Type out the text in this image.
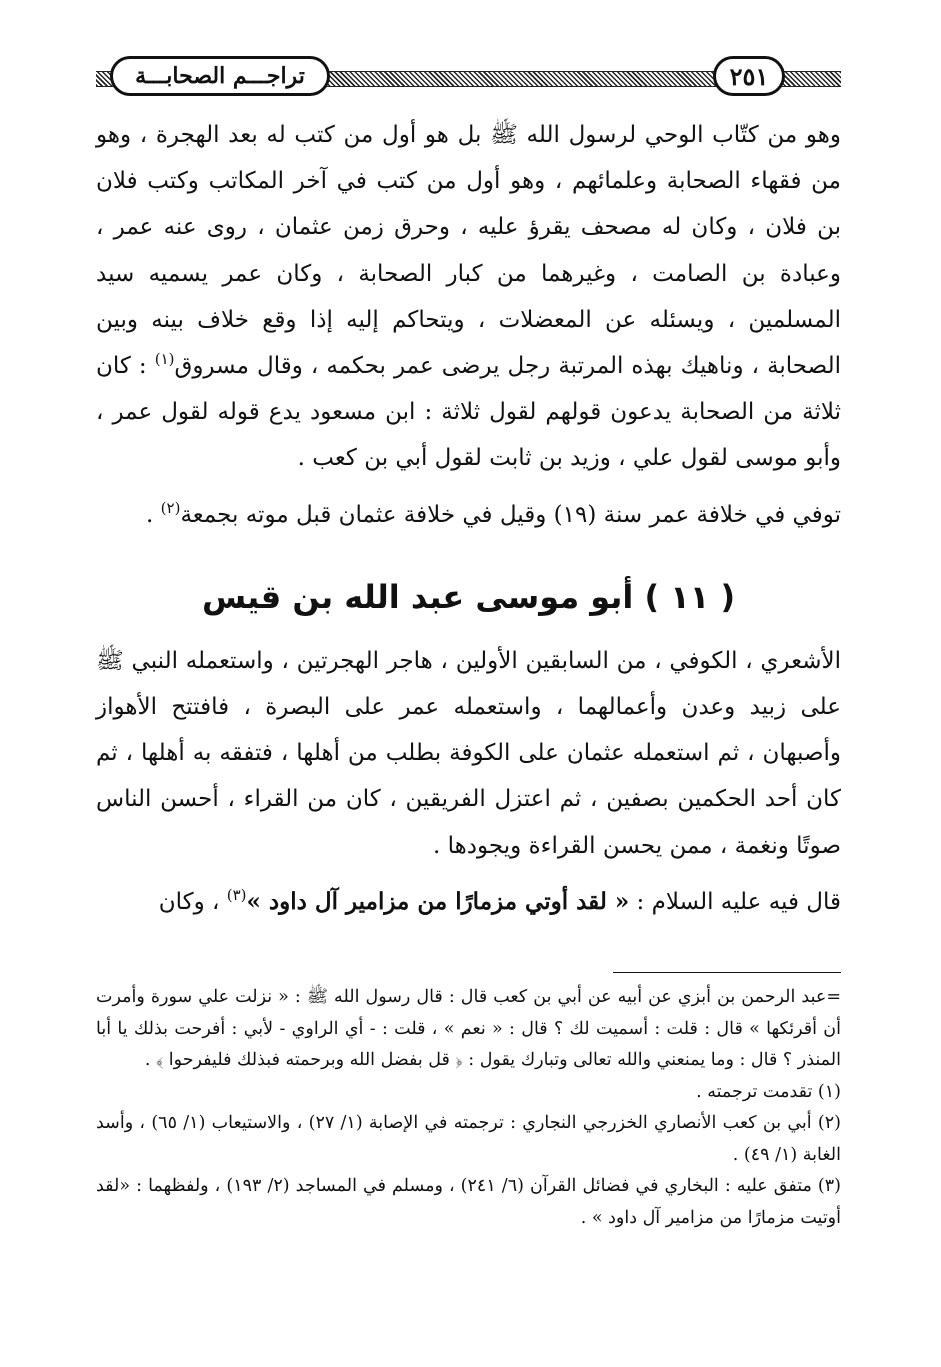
تراجـــم الصحابـــة	٢٥١

وهو من كتّاب الوحي لرسول الله ﷺ بل هو أول من كتب له بعد الهجرة ، وهو من فقهاء الصحابة وعلمائهم ، وهو أول من كتب في آخر المكاتب وكتب فلان بن فلان ، وكان له مصحف يقرؤ عليه ، وحرق زمن عثمان ، روى عنه عمر ، وعبادة بن الصامت ، وغيرهما من كبار الصحابة ، وكان عمر يسميه سيد المسلمين ، ويسئله عن المعضلات ، ويتحاكم إليه إذا وقع خلاف بينه وبين الصحابة ، وناهيك بهذه المرتبة رجل يرضى عمر بحكمه ، وقال مسروق$^{(١)}$ : كان ثلاثة من الصحابة يدعون قولهم لقول ثلاثة : ابن مسعود يدع قوله لقول عمر ، وأبو موسى لقول علي ، وزيد بن ثابت لقول أبي بن كعب .

توفي في خلافة عمر سنة (١٩) وقيل في خلافة عثمان قبل موته بجمعة$^{(٢)}$ .

( ١١ ) أبو موسى عبد الله بن قيس

الأشعري ، الكوفي ، من السابقين الأولين ، هاجر الهجرتين ، واستعمله النبي ﷺ على زبيد وعدن وأعمالهما ، واستعمله عمر على البصرة ، فافتتح الأهواز وأصبهان ، ثم استعمله عثمان على الكوفة بطلب من أهلها ، فتفقه به أهلها ، ثم كان أحد الحكمين بصفين ، ثم اعتزل الفريقين ، كان من القراء ، أحسن الناس صوتًا ونغمة ، ممن يحسن القراءة ويجودها .

قال فيه عليه السلام : « لقد أوتي مزمارًا من مزامير آل داود »$^{(٣)}$ ، وكان

=عبد الرحمن بن أبزي عن أبيه عن أبي بن كعب قال : قال رسول الله ﷺ : « نزلت علي سورة وأمرت أن أقرئكها » قال : قلت : أسميت لك ؟ قال : « نعم » ، قلت : - أي الراوي - لأبي : أفرحت بذلك يا أبا المنذر ؟ قال : وما يمنعني والله تعالى وتبارك يقول : ﴿ قل بفضل الله وبرحمته فبذلك فليفرحوا ﴾ .

(١) تقدمت ترجمته .

(٢) أبي بن كعب الأنصاري الخزرجي النجاري : ترجمته في الإصابة (١/ ٢٧) ، والاستيعاب (١/ ٦٥) ، وأسد الغابة (١/ ٤٩) .

(٣) متفق عليه : البخاري في فضائل القرآن (٦/ ٢٤١) ، ومسلم في المساجد (٢/ ١٩٣) ، ولفظهما : «لقد أوتيت مزمارًا من مزامير آل داود » .
